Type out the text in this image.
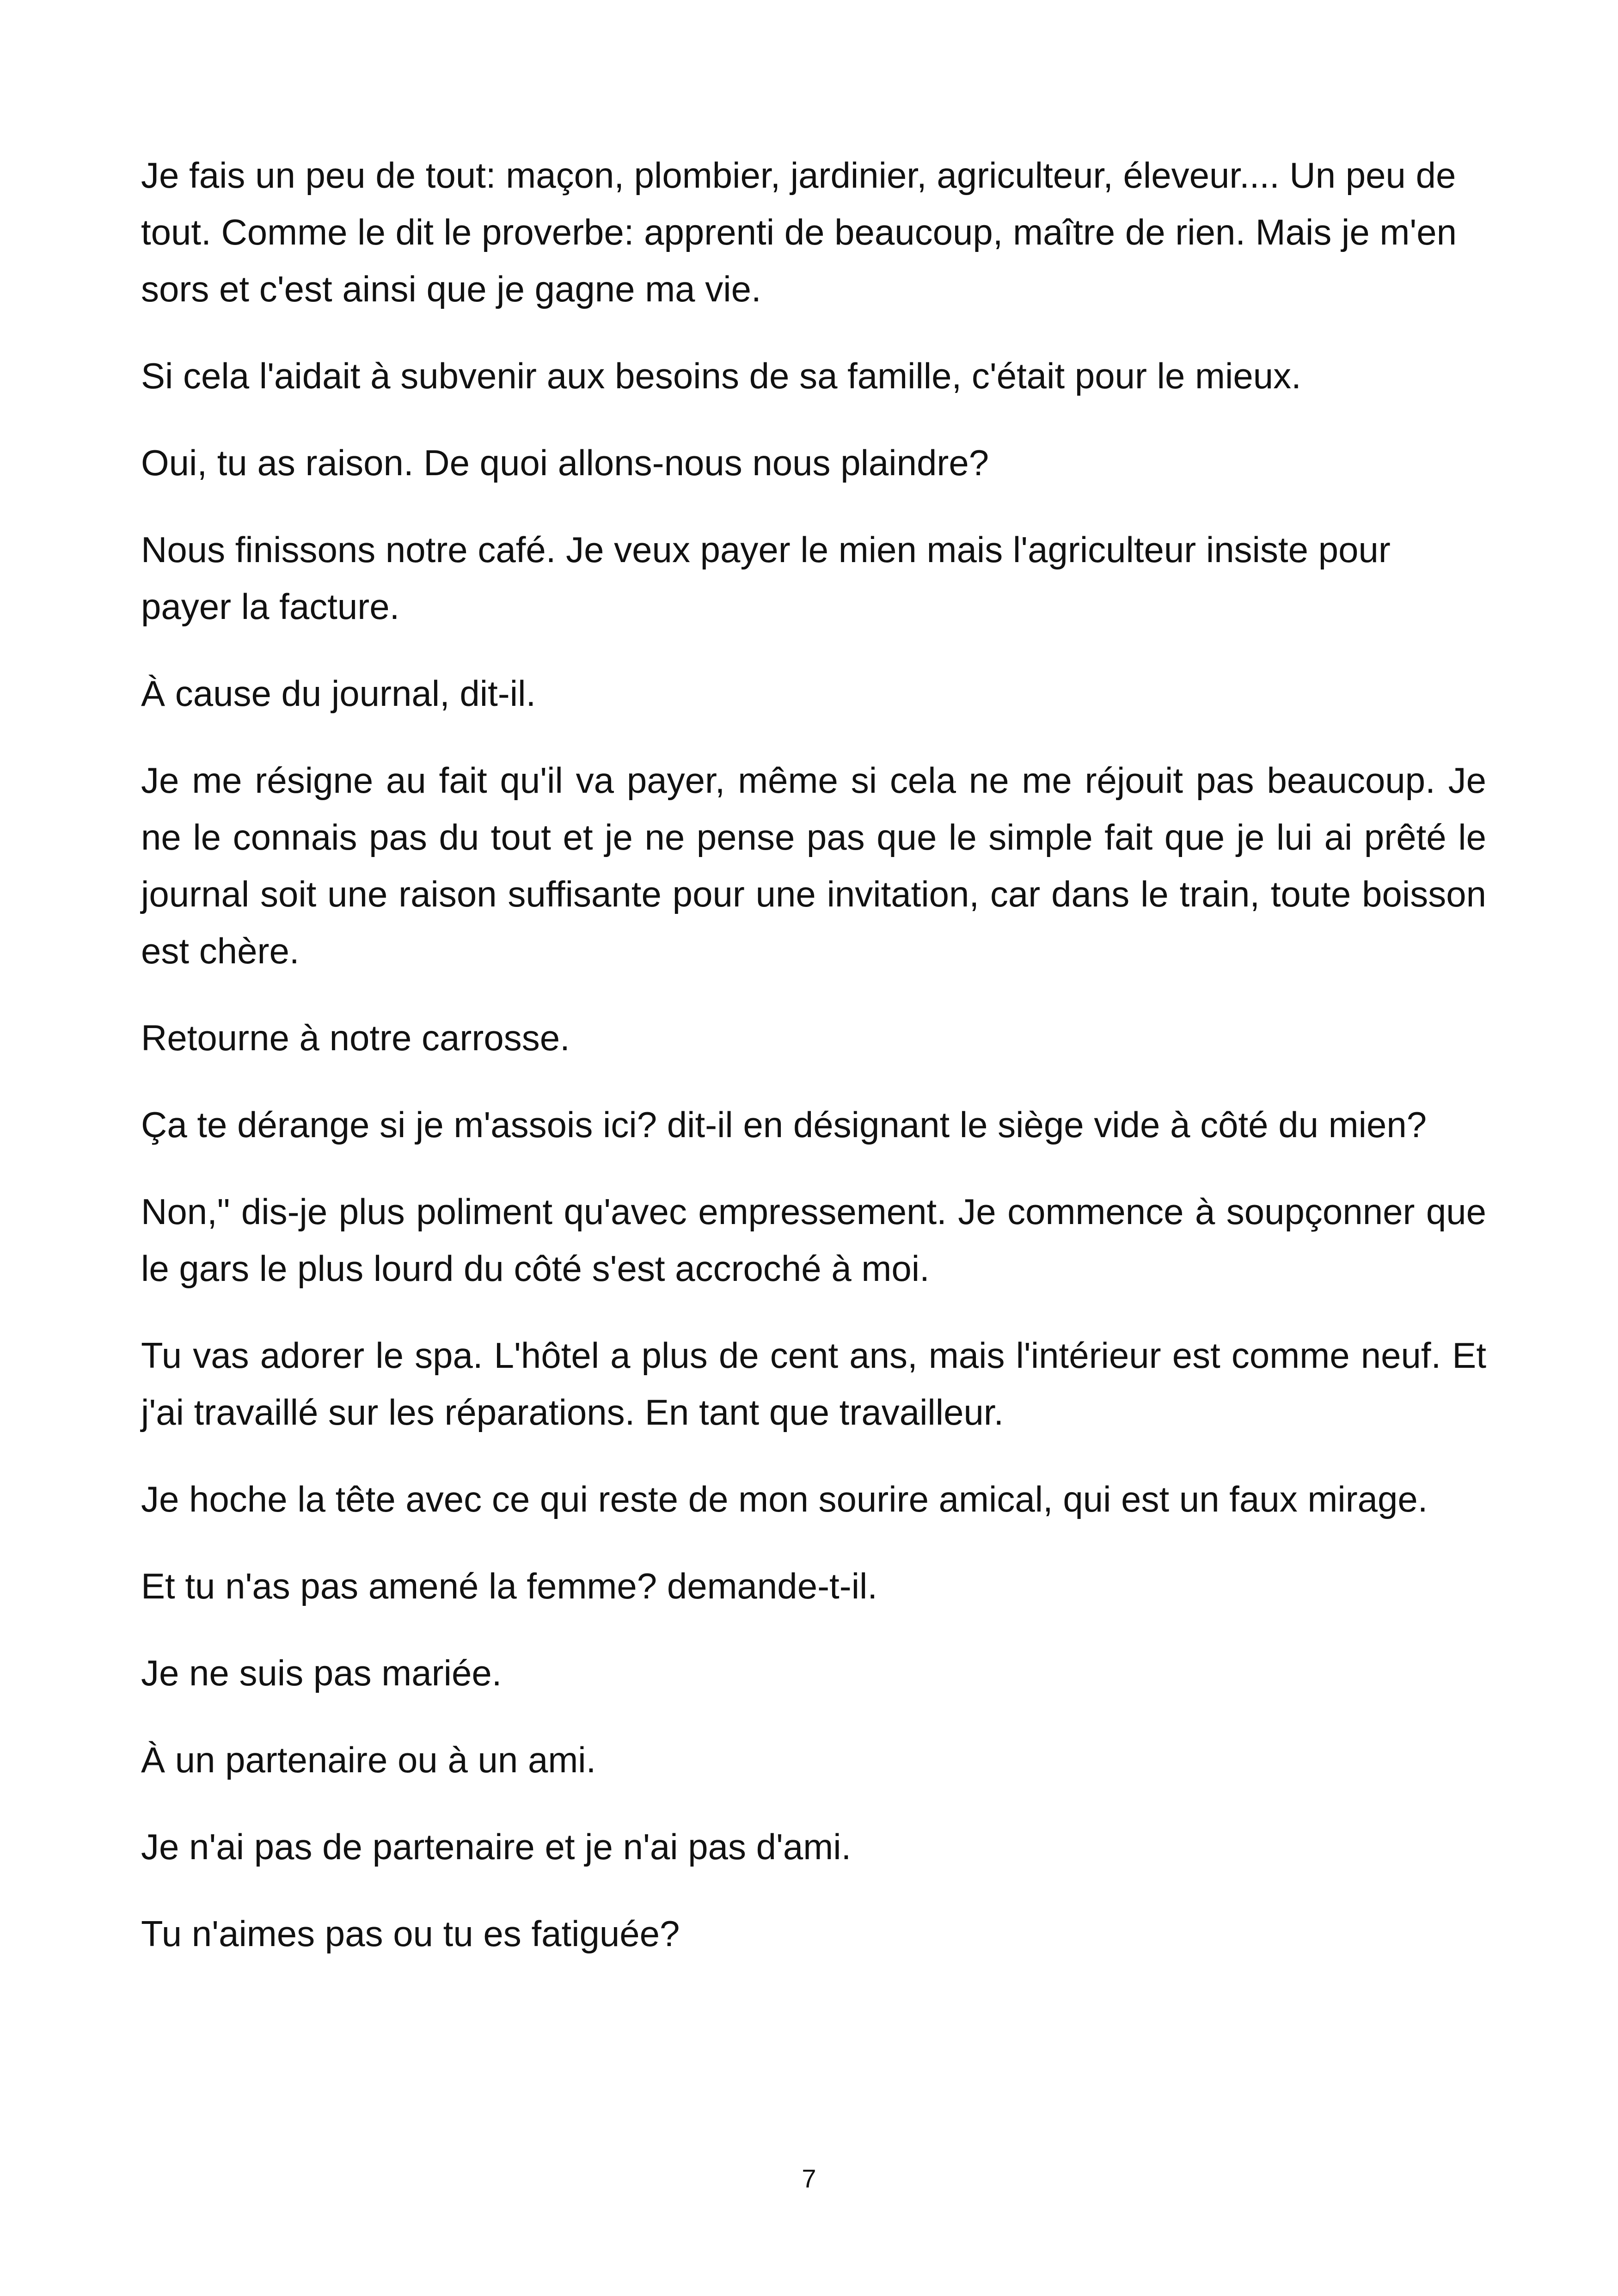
Je fais un peu de tout: maçon, plombier, jardinier, agriculteur, éleveur.... Un peu de tout. Comme le dit le proverbe: apprenti de beaucoup, maître de rien. Mais je m'en sors et c'est ainsi que je gagne ma vie.

Si cela l'aidait à subvenir aux besoins de sa famille, c'était pour le mieux.

Oui, tu as raison. De quoi allons-nous nous plaindre?

Nous finissons notre café. Je veux payer le mien mais l'agriculteur insiste pour payer la facture.

À cause du journal, dit-il.

Je me résigne au fait qu'il va payer, même si cela ne me réjouit pas beaucoup. Je ne le connais pas du tout et je ne pense pas que le simple fait que je lui ai prêté le journal soit une raison suffisante pour une invitation, car dans le train, toute boisson est chère.

Retourne à notre carrosse.

Ça te dérange si je m'assois ici? dit-il en désignant le siège vide à côté du mien?

Non," dis-je plus poliment qu'avec empressement. Je commence à soupçonner que le gars le plus lourd du côté s'est accroché à moi.

Tu vas adorer le spa. L'hôtel a plus de cent ans, mais l'intérieur est comme neuf. Et j'ai travaillé sur les réparations. En tant que travailleur.

Je hoche la tête avec ce qui reste de mon sourire amical, qui est un faux mirage.

Et tu n'as pas amené la femme? demande-t-il.

Je ne suis pas mariée.

À un partenaire ou à un ami.

Je n'ai pas de partenaire et je n'ai pas d'ami.

Tu n'aimes pas ou tu es fatiguée?

7
